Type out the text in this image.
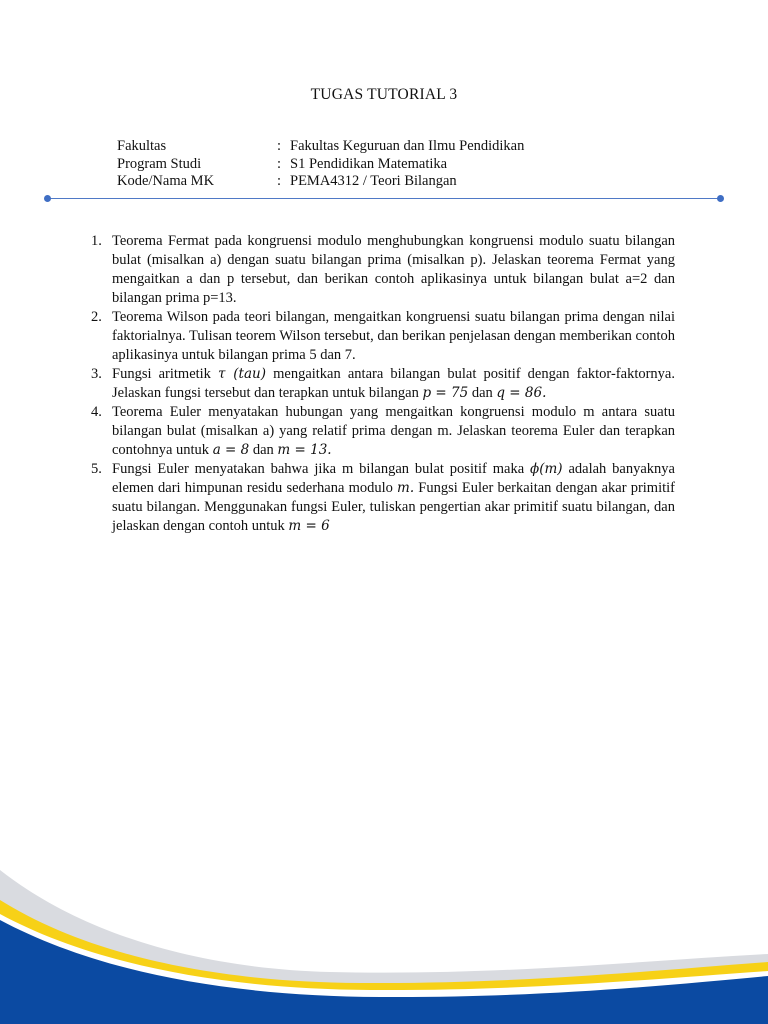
TUGAS TUTORIAL 3
Fakultas	: Fakultas Keguruan dan Ilmu Pendidikan
Program Studi	: S1 Pendidikan Matematika
Kode/Nama MK	: PEMA4312 / Teori Bilangan
1. Teorema Fermat pada kongruensi modulo menghubungkan kongruensi modulo suatu bilangan bulat (misalkan a) dengan suatu bilangan prima (misalkan p). Jelaskan teorema Fermat yang mengaitkan a dan p tersebut, dan berikan contoh aplikasinya untuk bilangan bulat a=2 dan bilangan prima p=13.
2. Teorema Wilson pada teori bilangan, mengaitkan kongruensi suatu bilangan prima dengan nilai faktorialnya. Tulisan teorem Wilson tersebut, dan berikan penjelasan dengan memberikan contoh aplikasinya untuk bilangan prima 5 dan 7.
3. Fungsi aritmetik τ (tau) mengaitkan antara bilangan bulat positif dengan faktor-faktornya. Jelaskan fungsi tersebut dan terapkan untuk bilangan p = 75 dan q = 86.
4. Teorema Euler menyatakan hubungan yang mengaitkan kongruensi modulo m antara suatu bilangan bulat (misalkan a) yang relatif prima dengan m. Jelaskan teorema Euler dan terapkan contohnya untuk a = 8 dan m = 13.
5. Fungsi Euler menyatakan bahwa jika m bilangan bulat positif maka ϕ(m) adalah banyaknya elemen dari himpunan residu sederhana modulo m. Fungsi Euler berkaitan dengan akar primitif suatu bilangan. Menggunakan fungsi Euler, tuliskan pengertian akar primitif suatu bilangan, dan jelaskan dengan contoh untuk m = 6
